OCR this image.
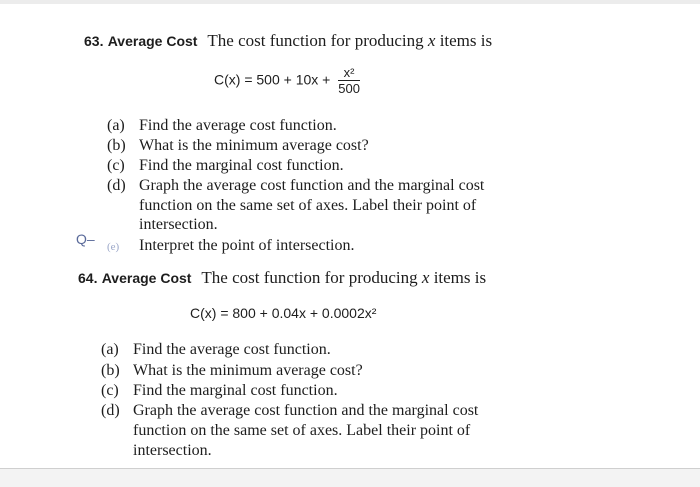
63. Average Cost The cost function for producing x items is
$C(x) = 500 + 10x + \frac{\text{x²}}{500}$
(a) Find the average cost function.
(b) What is the minimum average cost?
(c) Find the marginal cost function.
(d) Graph the average cost function and the marginal cost
function on the same set of axes. Label their point of
intersection.
Q– (e) Interpret the point of intersection.
64. Average Cost The cost function for producing x items is
C(x) = 800 + 0.04x + 0.0002x²
(a) Find the average cost function.
(b) What is the minimum average cost?
(c) Find the marginal cost function.
(d) Graph the average cost function and the marginal cost
function on the same set of axes. Label their point of
intersection.
